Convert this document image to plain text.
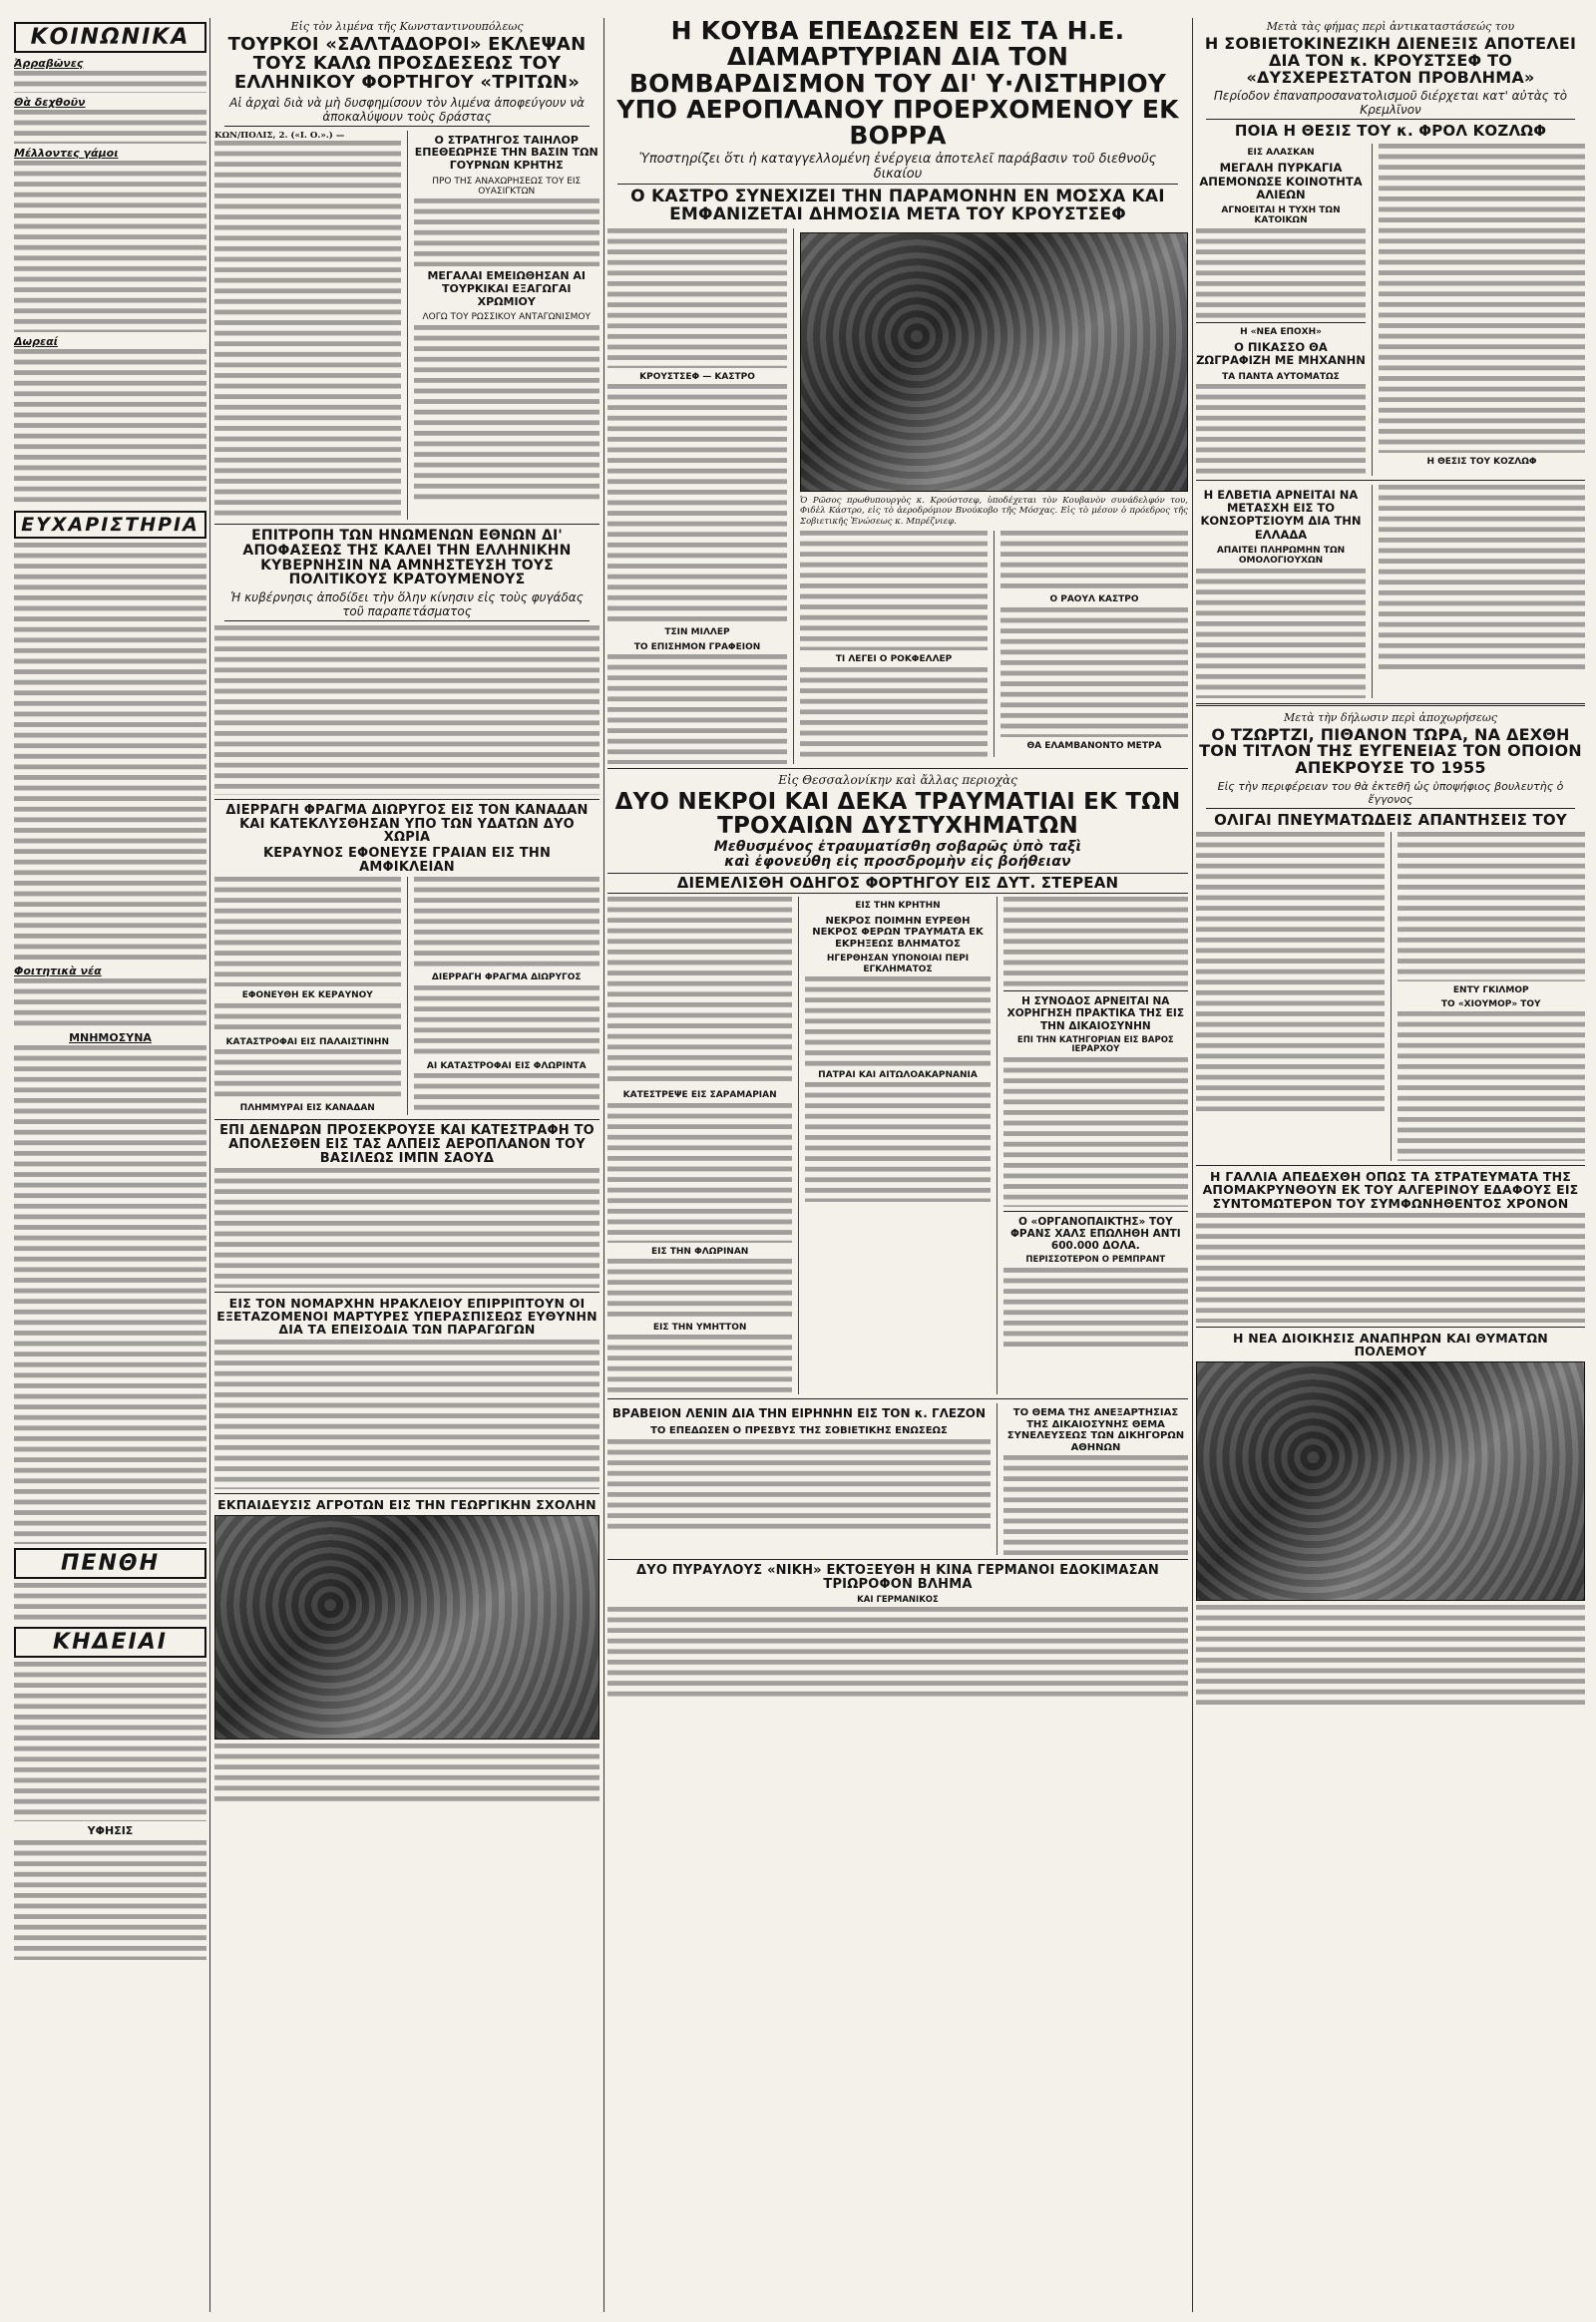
ΚΟΙΝΩΝΙΚΑ
Ἀρραβῶνες
Θὰ δεχθοῦν
Μέλλοντες γάμοι
Δωρεαί
ΕΥΧΑΡΙΣΤΗΡΙΑ
Φοιτητικὰ νέα
ΜΝΗΜΟΣΥΝΑ
ΠΕΝΘΗ
ΚΗΔΕΙΑΙ
ΥΦΗΣΙΣ
Εἰς τὸν λιμένα τῆς Κωνσταντινουπόλεως
ΤΟΥΡΚΟΙ «ΣΑΛΤΑΔΟΡΟΙ» ΕΚΛΕΨΑΝ ΤΟΥΣ ΚΑΛΩ ΠΡΟΣΔΕΣΕΩΣ ΤΟΥ ΕΛΛΗΝΙΚΟΥ ΦΟΡΤΗΓΟΥ «ΤΡΙΤΩΝ»
Αἱ ἀρχαὶ διὰ νὰ μὴ δυσφημίσουν τὸν λιμένα ἀποφεύγουν νὰ ἀποκαλύψουν τοὺς δράστας
ΚΩΝ/ΠΟΛΙΣ, 2. («Ι. Ο.».) —	Ο ΣΤΡΑΤΗΓΟΣ ΤΑΙΗΛΟΡ ΕΠΕΘΕΩΡΗΣΕ ΤΗΝ ΒΑΣΙΝ ΤΩΝ ΓΟΥΡΝΩΝ ΚΡΗΤΗΣ
ΠΡΟ ΤΗΣ ΑΝΑΧΩΡΗΣΕΩΣ ΤΟΥ ΕΙΣ ΟΥΑΣΙΓΚΤΩΝ
ΜΕΓΑΛΑΙ ΕΜΕΙΩΘΗΣΑΝ ΑΙ ΤΟΥΡΚΙΚΑΙ ΕΞΑΓΩΓΑΙ ΧΡΩΜΙΟΥ
ΛΟΓΩ ΤΟΥ ΡΩΣΣΙΚΟΥ ΑΝΤΑΓΩΝΙΣΜΟΥ
ΕΠΙΤΡΟΠΗ ΤΩΝ ΗΝΩΜΕΝΩΝ ΕΘΝΩΝ ΔΙ' ΑΠΟΦΑΣΕΩΣ ΤΗΣ ΚΑΛΕΙ ΤΗΝ ΕΛΛΗΝΙΚΗΝ ΚΥΒΕΡΝΗΣΙΝ ΝΑ ΑΜΝΗΣΤΕΥΣΗ ΤΟΥΣ ΠΟΛΙΤΙΚΟΥΣ ΚΡΑΤΟΥΜΕΝΟΥΣ
Ἡ κυβέρνησις ἀποδίδει τὴν ὅλην κίνησιν εἰς τοὺς φυγάδας τοῦ παραπετάσματος
ΔΙΕΡΡΑΓΗ ΦΡΑΓΜΑ ΔΙΩΡΥΓΟΣ ΕΙΣ ΤΟΝ ΚΑΝΑΔΑΝ ΚΑΙ ΚΑΤΕΚΛΥΣΘΗΣΑΝ ΥΠΟ ΤΩΝ ΥΔΑΤΩΝ ΔΥΟ ΧΩΡΙΑ
ΚΕΡΑΥΝΟΣ ΕΦΟΝΕΥΣΕ ΓΡΑΙΑΝ ΕΙΣ ΤΗΝ ΑΜΦΙΚΛΕΙΑΝ
ΕΦΟΝΕΥΘΗ ΕΚ ΚΕΡΑΥΝΟΥ
ΚΑΤΑΣΤΡΟΦΑΙ ΕΙΣ ΠΑΛΑΙΣΤΙΝΗΝ
ΠΛΗΜΜΥΡΑΙ ΕΙΣ ΚΑΝΑΔΑΝ
ΔΙΕΡΡΑΓΗ ΦΡΑΓΜΑ ΔΙΩΡΥΓΟΣ
ΑΙ ΚΑΤΑΣΤΡΟΦΑΙ ΕΙΣ ΦΛΩΡΙΝΤΑ
ΕΠΙ ΔΕΝΔΡΩΝ ΠΡΟΣΕΚΡΟΥΣΕ ΚΑΙ ΚΑΤΕΣΤΡΑΦΗ ΤΟ ΑΠΟΛΕΣΘΕΝ ΕΙΣ ΤΑΣ ΑΛΠΕΙΣ ΑΕΡΟΠΛΑΝΟΝ ΤΟΥ ΒΑΣΙΛΕΩΣ ΙΜΠΝ ΣΑΟΥΔ
ΕΙΣ ΤΟΝ ΝΟΜΑΡΧΗΝ ΗΡΑΚΛΕΙΟΥ ΕΠΙΡΡΙΠΤΟΥΝ ΟΙ ΕΞΕΤΑΖΟΜΕΝΟΙ ΜΑΡΤΥΡΕΣ ΥΠΕΡΑΣΠΙΣΕΩΣ ΕΥΘΥΝΗΝ ΔΙΑ ΤΑ ΕΠΕΙΣΟΔΙΑ ΤΩΝ ΠΑΡΑΓΩΓΩΝ
ΕΚΠΑΙΔΕΥΣΙΣ ΑΓΡΟΤΩΝ ΕΙΣ ΤΗΝ ΓΕΩΡΓΙΚΗΝ ΣΧΟΛΗΝ
Η ΚΟΥΒΑ ΕΠΕΔΩΣΕΝ ΕΙΣ ΤΑ Η.Ε. ΔΙΑΜΑΡΤΥΡΙΑΝ ΔΙΑ ΤΟΝ ΒΟΜΒΑΡΔΙΣΜΟΝ ΤΟΥ ΔΙ' Υ·ΛΙΣΤΗΡΙΟΥ ΥΠΟ ΑΕΡΟΠΛΑΝΟΥ ΠΡΟΕΡΧΟΜΕΝΟΥ ΕΚ ΒΟΡΡΑ
Ὑποστηρίζει ὅτι ἡ καταγγελλομένη ἐνέργεια ἀποτελεῖ παράβασιν τοῦ διεθνοῦς δικαίου
Ο ΚΑΣΤΡΟ ΣΥΝΕΧΙΖΕΙ ΤΗΝ ΠΑΡΑΜΟΝΗΝ ΕΝ ΜΟΣΧΑ ΚΑΙ ΕΜΦΑΝΙΖΕΤΑΙ ΔΗΜΟΣΙΑ ΜΕΤΑ ΤΟΥ ΚΡΟΥΣΤΣΕΦ
ΚΡΟΥΣΤΣΕΦ — ΚΑΣΤΡΟ
ΤΣΙΝ ΜΙΛΛΕΡ
ΤΟ ΕΠΙΣΗΜΟΝ ΓΡΑΦΕΙΟΝ
Ὁ Ρῶσος πρωθυπουργὸς κ. Κρούστσεφ, ὑποδέχεται τὸν Κουβανὸν συνάδελφόν του, Φιδὲλ Κάστρο, εἰς τὸ ἀεροδρόμιον Βνούκοβο τῆς Μόσχας. Εἰς τὸ μέσον ὁ πρόεδρος τῆς Σοβιετικῆς Ἑνώσεως κ. Μπρέζνιεφ.
ΤΙ ΛΕΓΕΙ Ο ΡΟΚΦΕΛΛΕΡ
Ο ΡΑΟΥΛ ΚΑΣΤΡΟ
ΘΑ ΕΛΑΜΒΑΝΟΝΤΟ ΜΕΤΡΑ
Εἰς Θεσσαλονίκην καὶ ἄλλας περιοχὰς
ΔΥΟ ΝΕΚΡΟΙ ΚΑΙ ΔΕΚΑ ΤΡΑΥΜΑΤΙΑΙ ΕΚ ΤΩΝ ΤΡΟΧΑΙΩΝ ΔΥΣΤΥΧΗΜΑΤΩΝ
Μεθυσμένος ἐτραυματίσθη σοβαρῶς ὑπὸ ταξὶ
καὶ ἐφονεύθη εἰς προσδρομὴν εἰς βοήθειαν
ΔΙΕΜΕΛΙΣΘΗ ΟΔΗΓΟΣ ΦΟΡΤΗΓΟΥ ΕΙΣ ΔΥΤ. ΣΤΕΡΕΑΝ
ΚΑΤΕΣΤΡΕΨΕ ΕΙΣ ΣΑΡΑΜΑΡΙΑΝ
ΕΙΣ ΤΗΝ ΦΛΩΡΙΝΑΝ
ΕΙΣ ΤΗΝ ΥΜΗΤΤΟΝ
ΕΙΣ ΤΗΝ ΚΡΗΤΗΝ
ΝΕΚΡΟΣ ΠΟΙΜΗΝ ΕΥΡΕΘΗ ΝΕΚΡΟΣ ΦΕΡΩΝ ΤΡΑΥΜΑΤΑ ΕΚ ΕΚΡΗΞΕΩΣ ΒΛΗΜΑΤΟΣ
ΗΓΕΡΘΗΣΑΝ ΥΠΟΝΟΙΑΙ ΠΕΡΙ ΕΓΚΛΗΜΑΤΟΣ
ΠΑΤΡΑΙ ΚΑΙ ΑΙΤΩΛΟΑΚΑΡΝΑΝΙΑ
Η ΣΥΝΟΔΟΣ ΑΡΝΕΙΤΑΙ ΝΑ ΧΟΡΗΓΗΣΗ ΠΡΑΚΤΙΚΑ ΤΗΣ ΕΙΣ ΤΗΝ ΔΙΚΑΙΟΣΥΝΗΝ
ΕΠΙ ΤΗΝ ΚΑΤΗΓΟΡΙΑΝ ΕΙΣ ΒΑΡΟΣ ΙΕΡΑΡΧΟΥ
Ο «ΟΡΓΑΝΟΠΑΙΚΤΗΣ» ΤΟΥ ΦΡΑΝΣ ΧΑΛΣ ΕΠΩΛΗΘΗ ΑΝΤΙ 600.000 ΔΟΛΑ.
ΠΕΡΙΣΣΟΤΕΡΟΝ Ο ΡΕΜΠΡΑΝΤ
ΒΡΑΒΕΙΟΝ ΛΕΝΙΝ ΔΙΑ ΤΗΝ ΕΙΡΗΝΗΝ ΕΙΣ ΤΟΝ κ. ΓΛΕΖΟΝ
ΤΟ ΕΠΕΔΩΣΕΝ Ο ΠΡΕΣΒΥΣ ΤΗΣ ΣΟΒΙΕΤΙΚΗΣ ΕΝΩΣΕΩΣ
ΤΟ ΘΕΜΑ ΤΗΣ ΑΝΕΞΑΡΤΗΣΙΑΣ ΤΗΣ ΔΙΚΑΙΟΣΥΝΗΣ ΘΕΜΑ ΣΥΝΕΛΕΥΣΕΩΣ ΤΩΝ ΔΙΚΗΓΟΡΩΝ ΑΘΗΝΩΝ
ΔΥΟ ΠΥΡΑΥΛΟΥΣ «ΝΙΚΗ» ΕΚΤΟΞΕΥΘΗ Η ΚΙΝΑ ΓΕΡΜΑΝΟΙ ΕΔΟΚΙΜΑΣΑΝ ΤΡΙΩΡΟΦΟΝ ΒΛΗΜΑ
ΚΑΙ ΓΕΡΜΑΝΙΚΟΣ
Μετὰ τὰς φήμας περὶ ἀντικαταστάσεώς του
Η ΣΟΒΙΕΤΟΚΙΝΕΖΙΚΗ ΔΙΕΝΕΞΙΣ ΑΠΟΤΕΛΕΙ ΔΙΑ ΤΟΝ κ. ΚΡΟΥΣΤΣΕΦ ΤΟ «ΔΥΣΧΕΡΕΣΤΑΤΟΝ ΠΡΟΒΛΗΜΑ»
Περίοδον ἐπαναπροσανατολισμοῦ διέρχεται κατ' αὐτὰς τὸ Κρεμλῖνον
ΠΟΙΑ Η ΘΕΣΙΣ ΤΟΥ κ. ΦΡΟΛ ΚΟΖΛΩΦ
ΕΙΣ ΑΛΑΣΚΑΝ
ΜΕΓΑΛΗ ΠΥΡΚΑΓΙΑ ΑΠΕΜΟΝΩΣΕ ΚΟΙΝΟΤΗΤΑ ΑΛΙΕΩΝ
ΑΓΝΟΕΙΤΑΙ Η ΤΥΧΗ ΤΩΝ ΚΑΤΟΙΚΩΝ
Η «ΝΕΑ ΕΠΟΧΗ»
Ο ΠΙΚΑΣΣΟ ΘΑ ΖΩΓΡΑΦΙΖΗ ΜΕ ΜΗΧΑΝΗΝ
ΤΑ ΠΑΝΤΑ ΑΥΤΟΜΑΤΩΣ
Η ΘΕΣΙΣ ΤΟΥ ΚΟΖΛΩΦ
Η ΕΛΒΕΤΙΑ ΑΡΝΕΙΤΑΙ ΝΑ ΜΕΤΑΣΧΗ ΕΙΣ ΤΟ ΚΟΝΣΟΡΤΣΙΟΥΜ ΔΙΑ ΤΗΝ ΕΛΛΑΔΑ
ΑΠΑΙΤΕΙ ΠΛΗΡΩΜΗΝ ΤΩΝ ΟΜΟΛΟΓΙΟΥΧΩΝ
Μετὰ τὴν δήλωσιν περὶ ἀποχωρήσεως
Ο ΤΖΩΡΤΖΙ, ΠΙΘΑΝΟΝ ΤΩΡΑ, ΝΑ ΔΕΧΘΗ ΤΟΝ ΤΙΤΛΟΝ ΤΗΣ ΕΥΓΕΝΕΙΑΣ ΤΟΝ ΟΠΟΙΟΝ ΑΠΕΚΡΟΥΣΕ ΤΟ 1955
Εἰς τὴν περιφέρειαν του θὰ ἐκτεθῆ ὡς ὑποψήφιος βουλευτὴς ὁ ἔγγονος
ΟΛΙΓΑΙ ΠΝΕΥΜΑΤΩΔΕΙΣ ΑΠΑΝΤΗΣΕΙΣ ΤΟΥ
ΕΝΤΥ ΓΚΙΛΜΟΡ
ΤΟ «ΧΙΟΥΜΟΡ» ΤΟΥ
Η ΓΑΛΛΙΑ ΑΠΕΔΕΧΘΗ ΟΠΩΣ ΤΑ ΣΤΡΑΤΕΥΜΑΤΑ ΤΗΣ ΑΠΟΜΑΚΡΥΝΘΟΥΝ ΕΚ ΤΟΥ ΑΛΓΕΡΙΝΟΥ ΕΔΑΦΟΥΣ ΕΙΣ ΣΥΝΤΟΜΩΤΕΡΟΝ ΤΟΥ ΣΥΜΦΩΝΗΘΕΝΤΟΣ ΧΡΟΝΟΝ
Η ΝΕΑ ΔΙΟΙΚΗΣΙΣ ΑΝΑΠΗΡΩΝ ΚΑΙ ΘΥΜΑΤΩΝ ΠΟΛΕΜΟΥ
